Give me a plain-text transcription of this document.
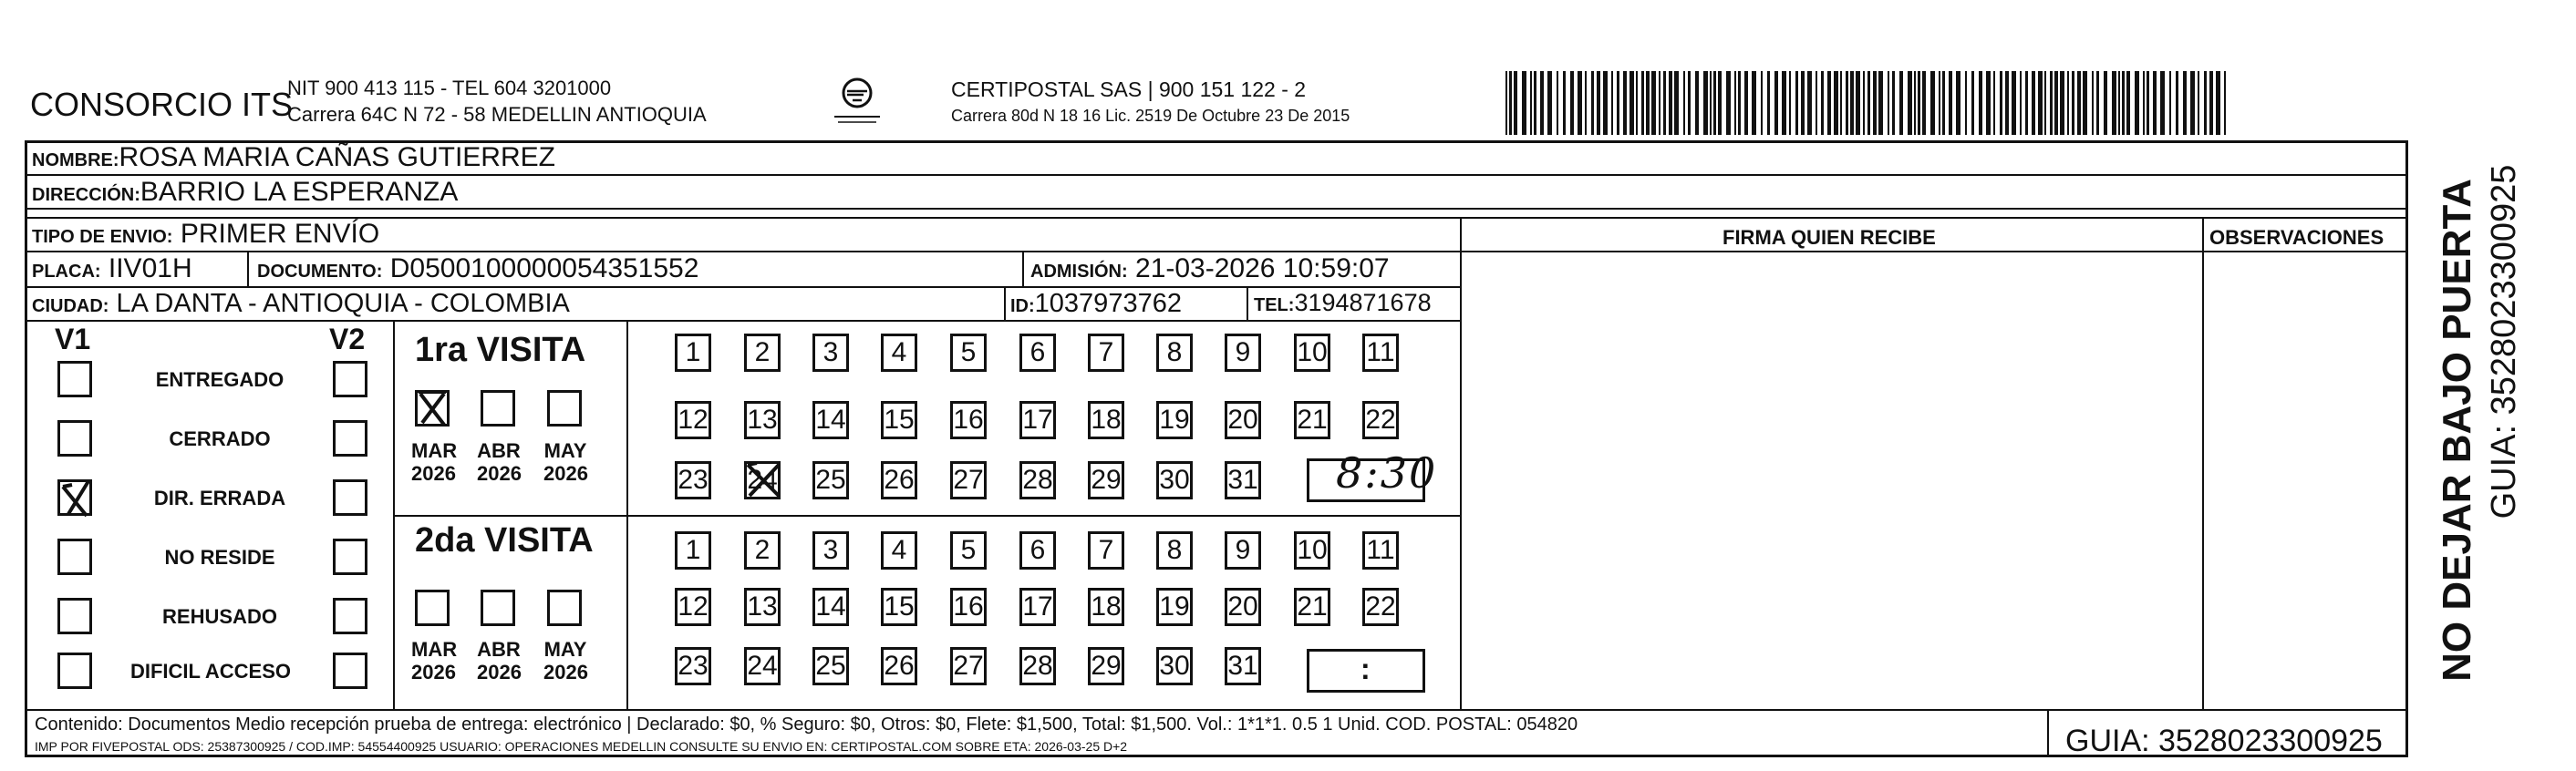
CONSORCIO ITS
NIT 900 413 115 - TEL 604 3201000
Carrera 64C N 72 - 58 MEDELLIN ANTIOQUIA
CERTIPOSTAL SAS | 900 151 122 - 2
Carrera 80d N 18 16 Lic. 2519 De Octubre 23 De 2015
NOMBRE:ROSA MARIA CAÑAS GUTIERREZ
DIRECCIÓN:BARRIO LA ESPERANZA
TIPO DE ENVIO: PRIMER ENVÍO
PLACA: IIV01H	DOCUMENTO: D0500100000054351552	ADMISIÓN: 21-03-2026 10:59:07
CIUDAD: LA DANTA - ANTIOQUIA - COLOMBIA	ID:1037973762	TEL:3194871678
FIRMA QUIEN RECIBE	OBSERVACIONES
V1	V2
ENTREGADO
CERRADO
DIR. ERRADA
NO RESIDE
REHUSADO
DIFICIL ACCESO
1ra VISITA
2da VISITA
MAR
2026
ABR
2026
MAY
2026
MAR
2026
ABR
2026
MAY
2026
1	2	3	4	5	6	7	8	9	10 11
12 13 14 15 16 17 18 19 20 21 22
23 24 25 26 27 28 29 30 31
1	2	3	4	5	6	7	8	9	10 11
12 13 14 15 16 17 18 19 20 21 22
23 24 25 26 27 28 29 30 31
8:30
:
Contenido: Documentos Medio recepción prueba de entrega: electrónico | Declarado: $0, % Seguro: $0, Otros: $0, Flete: $1,500, Total: $1,500. Vol.: 1*1*1. 0.5 1 Unid. COD. POSTAL: 054820
IMP POR FIVEPOSTAL ODS: 25387300925 / COD.IMP: 54554400925 USUARIO: OPERACIONES MEDELLIN CONSULTE SU ENVIO EN: CERTIPOSTAL.COM SOBRE ETA: 2026-03-25 D+2	GUIA: 3528023300925
NO DEJAR BAJO PUERTA GUIA: 3528023300925
